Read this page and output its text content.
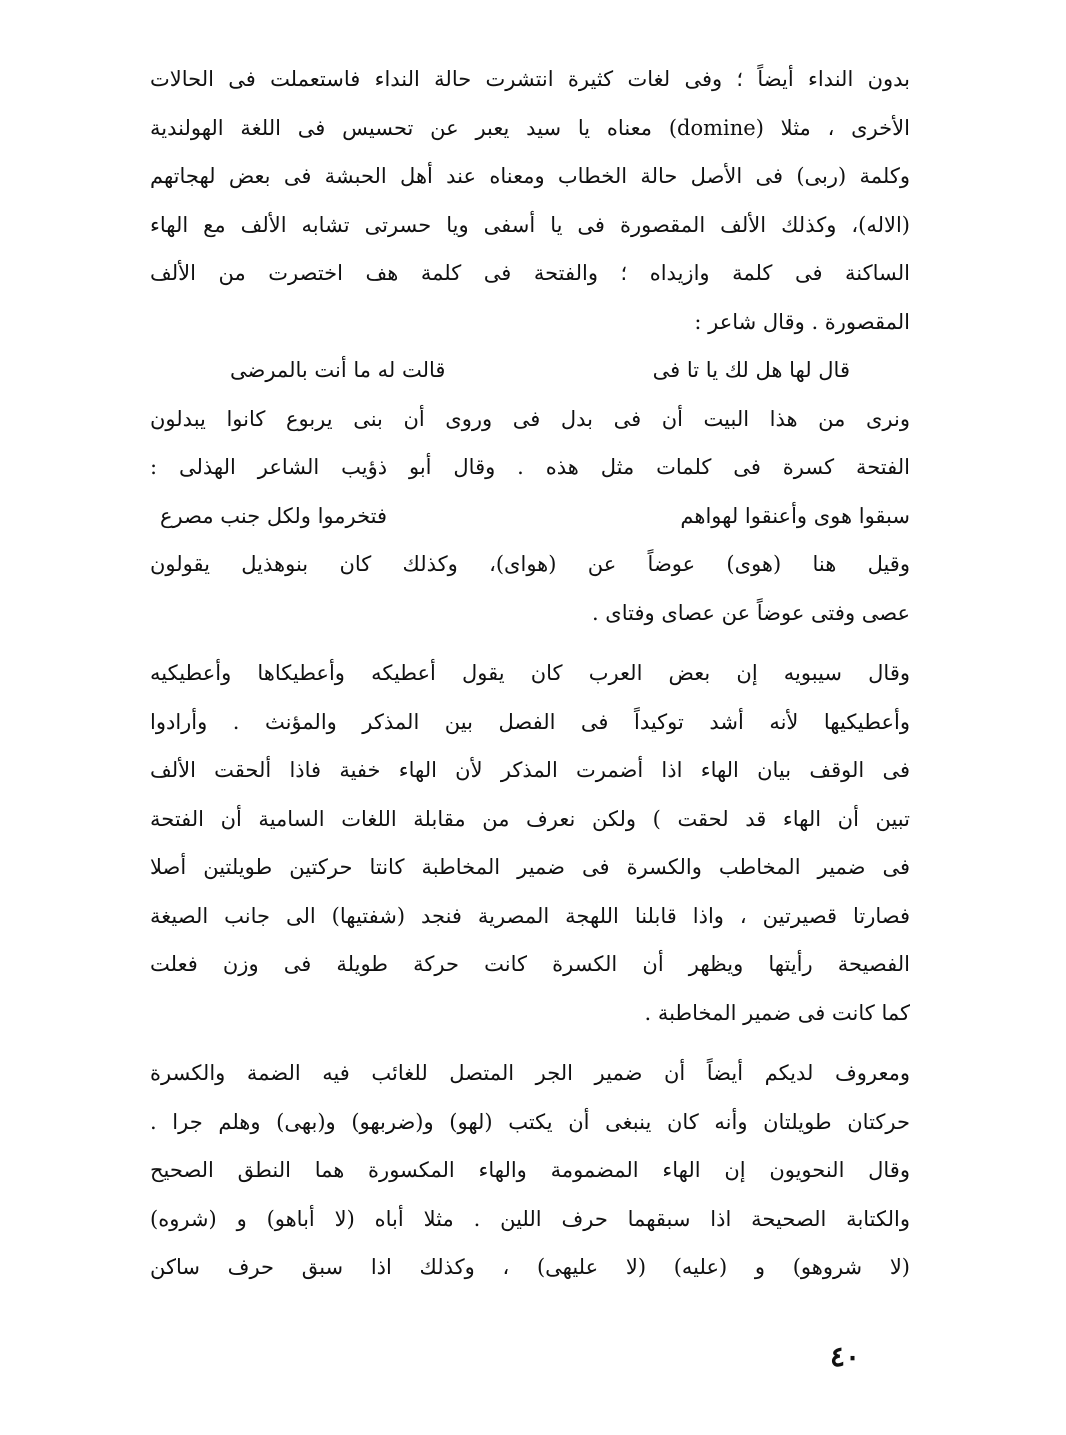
بدون النداء أيضاً ؛ وفى لغات كثيرة انتشرت حالة النداء فاستعملت فى الحالات
الأخرى ، مثلا (domine) معناه يا سيد يعبر عن تحسيس فى اللغة الهولندية
وكلمة (ربى) فى الأصل حالة الخطاب ومعناه عند أهل الحبشة فى بعض لهجاتهم
(الاله)، وكذلك الألف المقصورة فى يا أسفى ويا حسرتى تشابه الألف مع الهاء
الساكنة فى كلمة وازيداه ؛ والفتحة فى كلمة هف اختصرت من الألف
المقصورة . وقال شاعر :
قال لها هل لك يا تا فى
قالت له ما أنت بالمرضى
ونرى من هذا البيت أن فى بدل فى وروى أن بنى يربوع كانوا يبدلون
الفتحة كسرة فى كلمات مثل هذه . وقال أبو ذؤيب الشاعر الهذلى :
سبقوا هوى وأعنقوا لهواهم
فتخرموا ولكل جنب مصرع
وقيل هنا (هوى) عوضاً عن (هواى)، وكذلك كان بنوهذيل يقولون
عصى وفتى عوضاً عن عصاى وفتاى .
وقال سيبويه إن بعض العرب كان يقول أعطيكه وأعطيكاها وأعطيكيه
وأعطيكيها لأنه أشد توكيداً فى الفصل بين المذكر والمؤنث . وأرادوا
فى الوقف بيان الهاء اذا أضمرت المذكر لأن الهاء خفية فاذا ألحقت الألف
تبين أن الهاء قد لحقت ) ولكن نعرف من مقابلة اللغات السامية أن الفتحة
فى ضمير المخاطب والكسرة فى ضمير المخاطبة كانتا حركتين طويلتين أصلا
فصارتا قصيرتين ، واذا قابلنا اللهجة المصرية فنجد (شفتيها) الى جانب الصيغة
الفصيحة رأيتها ويظهر أن الكسرة كانت حركة طويلة فى وزن فعلت
كما كانت فى ضمير المخاطبة .
ومعروف لديكم أيضاً أن ضمير الجر المتصل للغائب فيه الضمة والكسرة
حركتان طويلتان وأنه كان ينبغى أن يكتب (لهو) و(ضربهو) و(بهى) وهلم جرا .
وقال النحويون إن الهاء المضمومة والهاء المكسورة هما النطق الصحيح
والكتابة الصحيحة اذا سبقهما حرف اللين . مثلا أباه (لا أباهو) و (شروه)
(لا شروهو) و (عليه) (لا عليهى) ، وكذلك اذا سبق حرف ساكن
٤٠
